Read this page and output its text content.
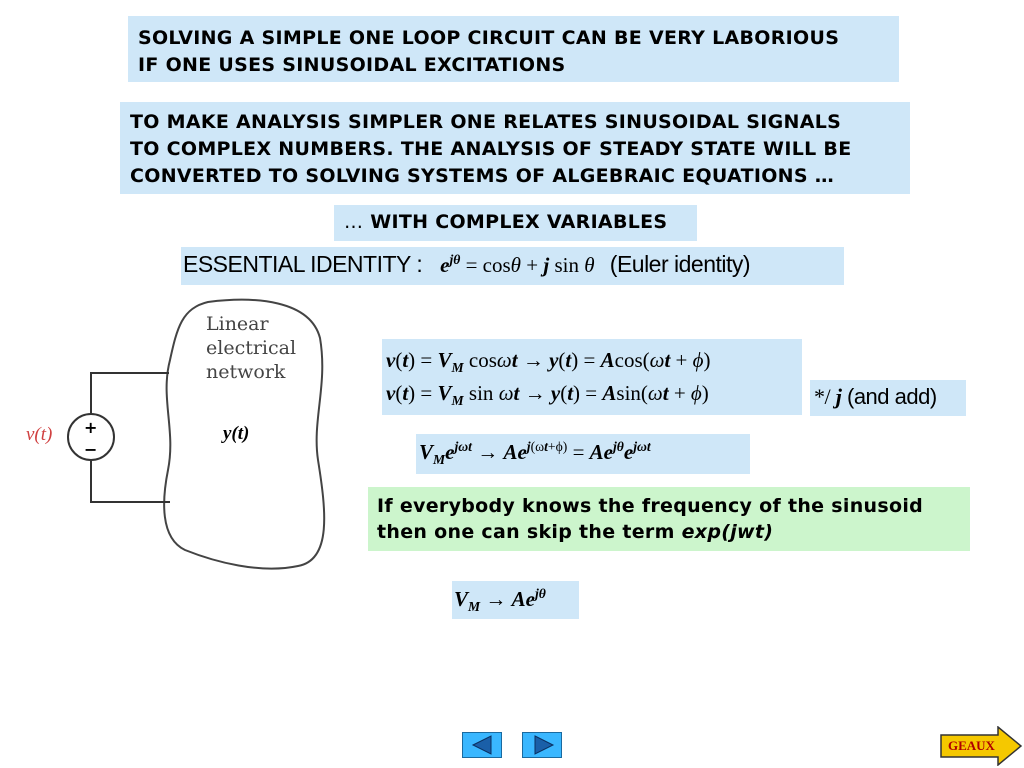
SOLVING A SIMPLE ONE LOOP CIRCUIT CAN BE VERY LABORIOUS
IF ONE USES SINUSOIDAL EXCITATIONS
TO MAKE ANALYSIS SIMPLER ONE RELATES SINUSOIDAL SIGNALS
TO COMPLEX NUMBERS. THE ANALYSIS OF STEADY STATE WILL BE
CONVERTED TO SOLVING SYSTEMS OF ALGEBRAIC EQUATIONS …
… WITH COMPLEX VARIABLES
ESSENTIAL IDENTITY : $e^{j\theta} = \cos\theta + j$ sin θ (Euler identity)
+
−
Linear
electrical
network
v(t)	y(t)
$v(t) = V_M$ cosωt → y(t) = Acos(ωt + ϕ)
$v(t) = V_M$ sin ωt → y(t) = Asin(ωt + ϕ)	*/ j (and add)
$V_Me^{j\omega t} \to Ae^{j(\omega t+\phi)} = Ae^{j\theta}e^{j\omega t}$
If everybody knows the frequency of the sinusoid
then one can skip the term exp(jwt)
$V_M \to Ae^{j\theta}$
GEAUX
